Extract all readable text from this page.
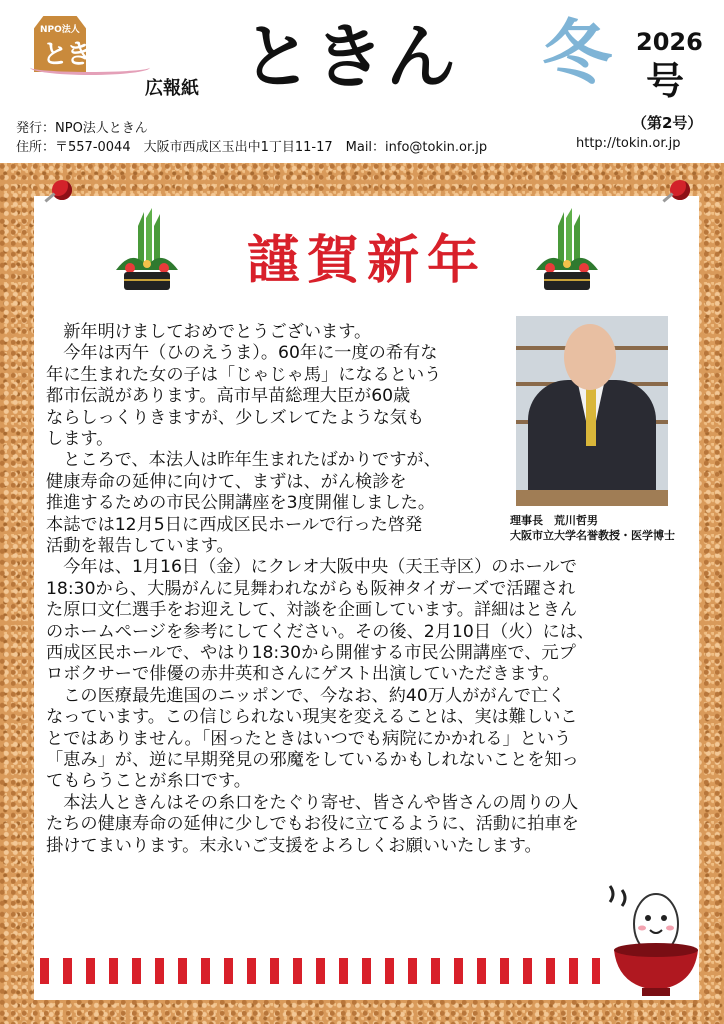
NPO法人
ときん
広報紙 ときん 冬 2026
号
（第2号）
発行：NPO法人ときん
住所：〒557-0044　大阪市西成区玉出中1丁目11-17　Mail：info@tokin.or.jp	http://tokin.or.jp
謹賀新年
理事長　荒川哲男
大阪市立大学名誉教授・医学博士
　新年明けましておめでとうございます。
　今年は丙午（ひのえうま）。60年に一度の希有な
年に生まれた女の子は「じゃじゃ馬」になるという
都市伝説があります。高市早苗総理大臣が60歳
ならしっくりきますが、少しズレてたような気も
します。
　ところで、本法人は昨年生まれたばかりですが、
健康寿命の延伸に向けて、まずは、がん検診を
推進するための市民公開講座を3度開催しました。
本誌では12月5日に西成区民ホールで行った啓発
活動を報告しています。
　今年は、1月16日（金）にクレオ大阪中央（天王寺区）のホールで
18:30から、大腸がんに見舞われながらも阪神タイガーズで活躍され
た原口文仁選手をお迎えして、対談を企画しています。詳細はときん
のホームページを参考にしてください。その後、2月10日（火）には、
西成区民ホールで、やはり18:30から開催する市民公開講座で、元プ
ロボクサーで俳優の赤井英和さんにゲスト出演していただきます。
　この医療最先進国のニッポンで、今なお、約40万人ががんで亡く
なっています。この信じられない現実を変えることは、実は難しいこ
とではありません。「困ったときはいつでも病院にかかれる」という
「恵み」が、逆に早期発見の邪魔をしているかもしれないことを知っ
てもらうことが糸口です。
　本法人ときんはその糸口をたぐり寄せ、皆さんや皆さんの周りの人
たちの健康寿命の延伸に少しでもお役に立てるように、活動に拍車を
掛けてまいります。末永いご支援をよろしくお願いいたします。
